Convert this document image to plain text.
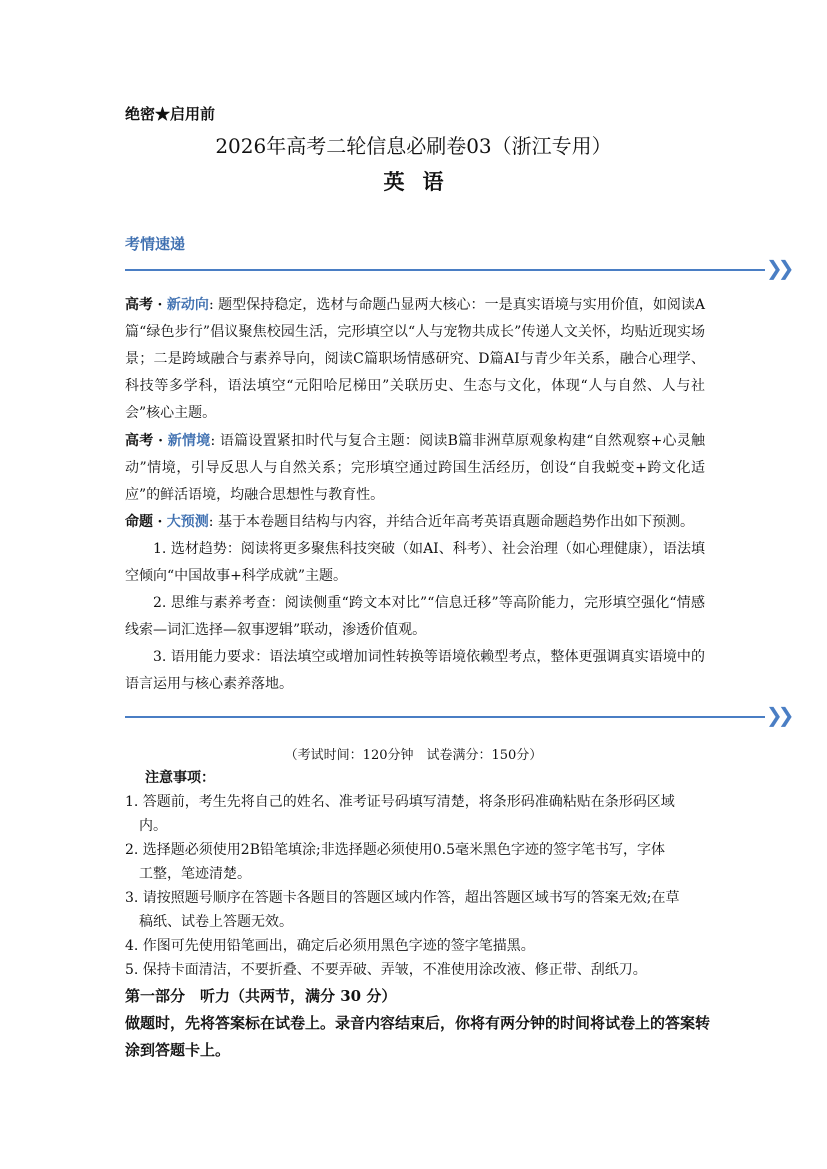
绝密★启用前
2026年高考二轮信息必刷卷03（浙江专用）
英语
考情速递
❯❯
高考 · 新动向: 题型保持稳定，选材与命题凸显两大核心：一是真实语境与实用价值，如阅读A篇“绿色步行”倡议聚焦校园生活，完形填空以“人与宠物共成长”传递人文关怀，均贴近现实场景；二是跨域融合与素养导向，阅读C篇职场情感研究、D篇AI与青少年关系，融合心理学、科技等多学科，语法填空“元阳哈尼梯田”关联历史、生态与文化，体现“人与自然、人与社会”核心主题。
高考 · 新情境: 语篇设置紧扣时代与复合主题：阅读B篇非洲草原观象构建“自然观察+心灵触动”情境，引导反思人与自然关系；完形填空通过跨国生活经历，创设“自我蜕变+跨文化适应”的鲜活语境，均融合思想性与教育性。
命题 · 大预测: 基于本卷题目结构与内容，并结合近年高考英语真题命题趋势作出如下预测。
1. 选材趋势：阅读将更多聚焦科技突破（如AI、科考）、社会治理（如心理健康），语法填空倾向“中国故事+科学成就”主题。
2. 思维与素养考查：阅读侧重“跨文本对比”“信息迁移”等高阶能力，完形填空强化“情感线索—词汇选择—叙事逻辑”联动，渗透价值观。
3. 语用能力要求：语法填空或增加词性转换等语境依赖型考点，整体更强调真实语境中的语言运用与核心素养落地。
❯❯
（考试时间：120分钟　试卷满分：150分）
注意事项：
1. 答题前，考生先将自己的姓名、准考证号码填写清楚，将条形码准确粘贴在条形码区域
内。
2. 选择题必须使用2B铅笔填涂;非选择题必须使用0.5毫米黑色字迹的签字笔书写，字体
工整，笔迹清楚。
3. 请按照题号顺序在答题卡各题目的答题区域内作答，超出答题区域书写的答案无效;在草
稿纸、试卷上答题无效。
4. 作图可先使用铅笔画出，确定后必须用黑色字迹的签字笔描黑。
5. 保持卡面清洁，不要折叠、不要弄破、弄皱，不准使用涂改液、修正带、刮纸刀。
第一部分　听力（共两节，满分 30 分）
做题时，先将答案标在试卷上。录音内容结束后，你将有两分钟的时间将试卷上的答案转涂到答题卡上。
